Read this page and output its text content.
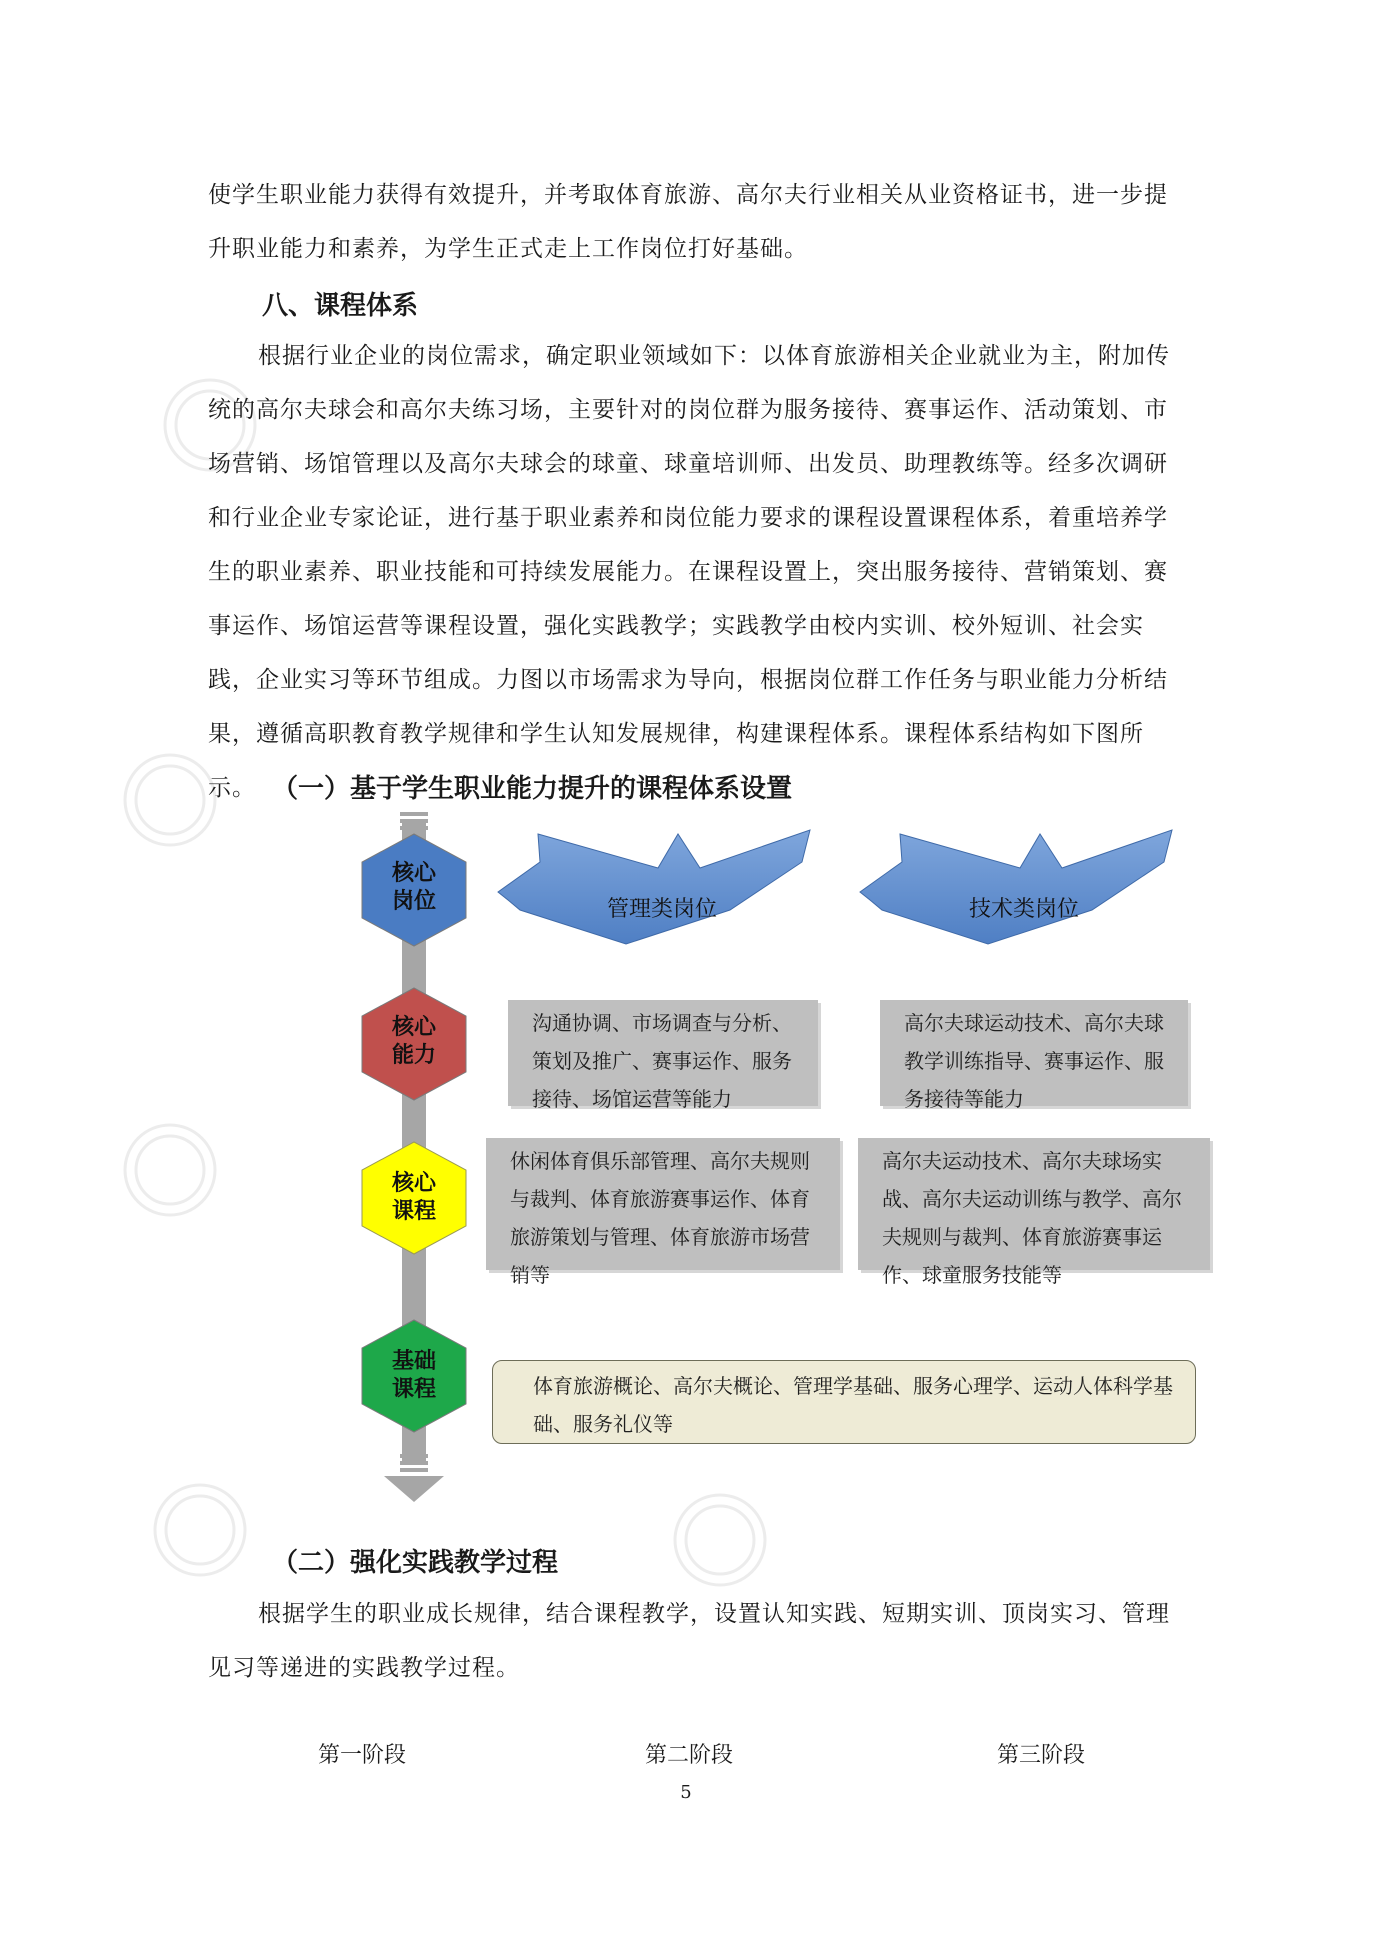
使学生职业能力获得有效提升，并考取体育旅游、高尔夫行业相关从业资格证书，进一步提升职业能力和素养，为学生正式走上工作岗位打好基础。

八、课程体系

根据行业企业的岗位需求，确定职业领域如下：以体育旅游相关企业就业为主，附加传统的高尔夫球会和高尔夫练习场，主要针对的岗位群为服务接待、赛事运作、活动策划、市场营销、场馆管理以及高尔夫球会的球童、球童培训师、出发员、助理教练等。经多次调研和行业企业专家论证，进行基于职业素养和岗位能力要求的课程设置课程体系，着重培养学生的职业素养、职业技能和可持续发展能力。在课程设置上，突出服务接待、营销策划、赛事运作、场馆运营等课程设置，强化实践教学；实践教学由校内实训、校外短训、社会实践，企业实习等环节组成。力图以市场需求为导向，根据岗位群工作任务与职业能力分析结果，遵循高职教育教学规律和学生认知发展规律，构建课程体系。课程体系结构如下图所示。 （一）基于学生职业能力提升的课程体系设置
核心
岗位
核心
能力
核心
课程
基础
课程
管理类岗位	技术类岗位
沟通协调、市场调查与分析、策划及推广、赛事运作、服务接待、场馆运营等能力
高尔夫球运动技术、高尔夫球教学训练指导、赛事运作、服务接待等能力
休闲体育俱乐部管理、高尔夫规则与裁判、体育旅游赛事运作、体育旅游策划与管理、体育旅游市场营销等
高尔夫运动技术、高尔夫球场实战、高尔夫运动训练与教学、高尔夫规则与裁判、体育旅游赛事运作、球童服务技能等
体育旅游概论、高尔夫概论、管理学基础、服务心理学、运动人体科学基础、服务礼仪等
（二）强化实践教学过程

根据学生的职业成长规律，结合课程教学，设置认知实践、短期实训、顶岗实习、管理见习等递进的实践教学过程。

第一阶段	第二阶段	第三阶段
5
